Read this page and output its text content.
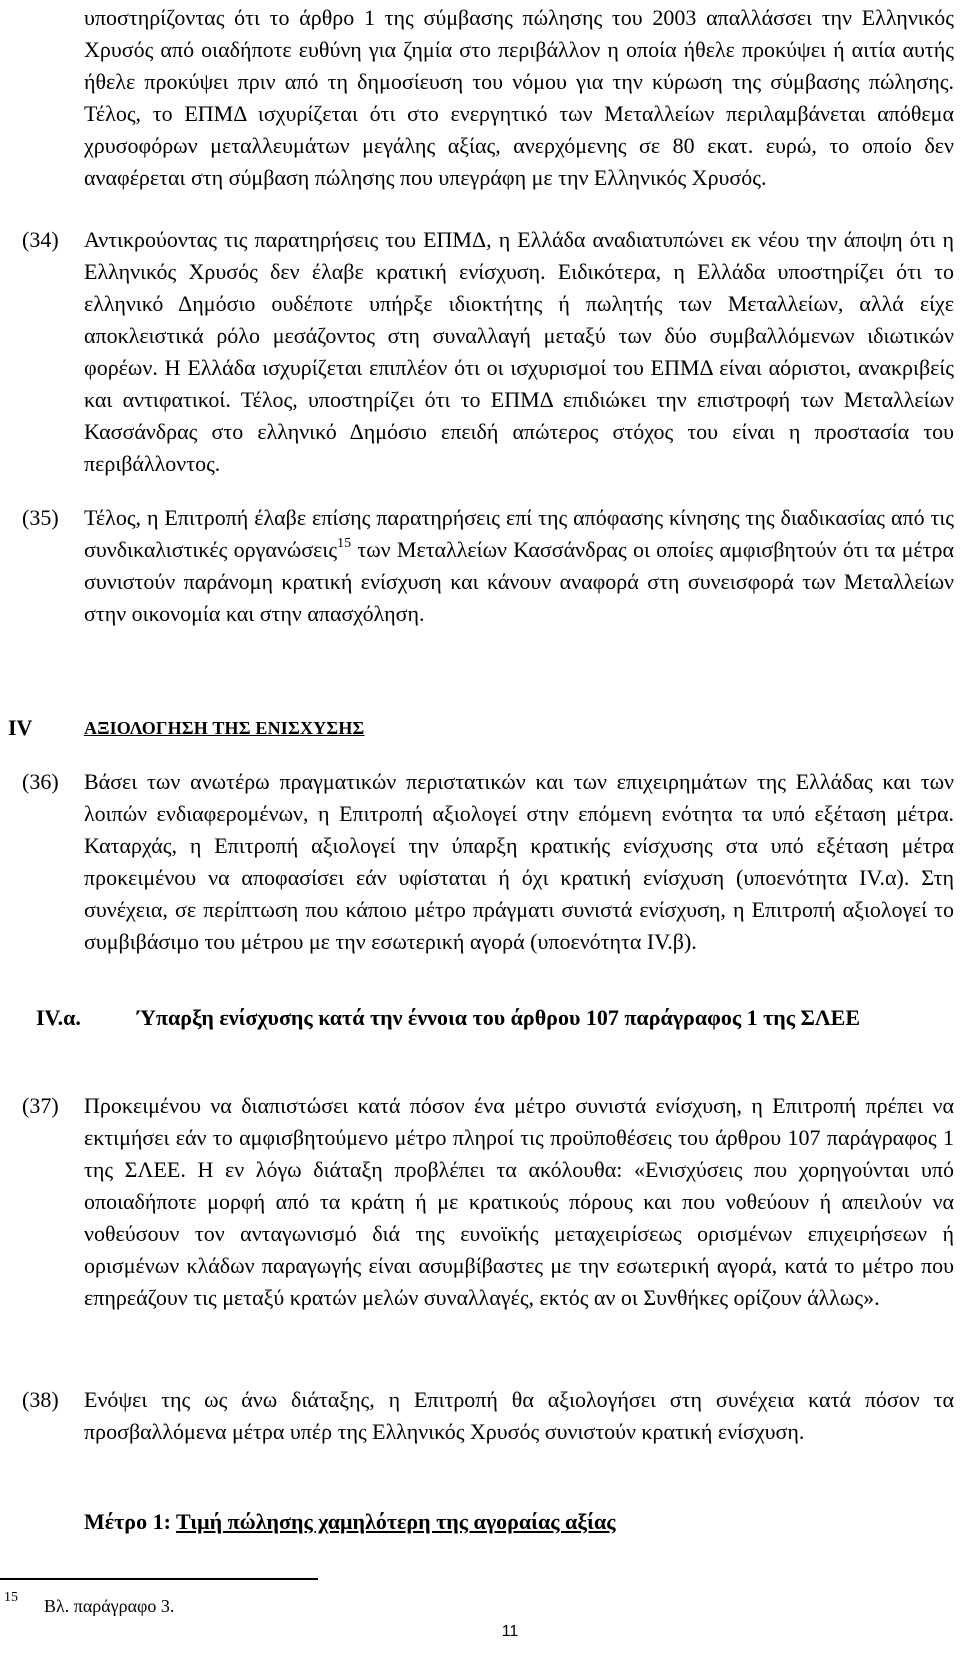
υποστηρίζοντας ότι το άρθρο 1 της σύμβασης πώλησης του 2003 απαλλάσσει την Ελληνικός Χρυσός από οιαδήποτε ευθύνη για ζημία στο περιβάλλον η οποία ήθελε προκύψει ή αιτία αυτής ήθελε προκύψει πριν από τη δημοσίευση του νόμου για την κύρωση της σύμβασης πώλησης. Τέλος, το ΕΠΜΔ ισχυρίζεται ότι στο ενεργητικό των Μεταλλείων περιλαμβάνεται απόθεμα χρυσοφόρων μεταλλευμάτων μεγάλης αξίας, ανερχόμενης σε 80 εκατ. ευρώ, το οποίο δεν αναφέρεται στη σύμβαση πώλησης που υπεγράφη με την Ελληνικός Χρυσός.

(34) Αντικρούοντας τις παρατηρήσεις του ΕΠΜΔ, η Ελλάδα αναδιατυπώνει εκ νέου την άποψη ότι η Ελληνικός Χρυσός δεν έλαβε κρατική ενίσχυση. Ειδικότερα, η Ελλάδα υποστηρίζει ότι το ελληνικό Δημόσιο ουδέποτε υπήρξε ιδιοκτήτης ή πωλητής των Μεταλλείων, αλλά είχε αποκλειστικά ρόλο μεσάζοντος στη συναλλαγή μεταξύ των δύο συμβαλλόμενων ιδιωτικών φορέων. Η Ελλάδα ισχυρίζεται επιπλέον ότι οι ισχυρισμοί του ΕΠΜΔ είναι αόριστοι, ανακριβείς και αντιφατικοί. Τέλος, υποστηρίζει ότι το ΕΠΜΔ επιδιώκει την επιστροφή των Μεταλλείων Κασσάνδρας στο ελληνικό Δημόσιο επειδή απώτερος στόχος του είναι η προστασία του περιβάλλοντος.

(35) Τέλος, η Επιτροπή έλαβε επίσης παρατηρήσεις επί της απόφασης κίνησης της διαδικασίας από τις συνδικαλιστικές οργανώσεις$^{15}$ των Μεταλλείων Κασσάνδρας οι οποίες αμφισβητούν ότι τα μέτρα συνιστούν παράνομη κρατική ενίσχυση και κάνουν αναφορά στη συνεισφορά των Μεταλλείων στην οικονομία και στην απασχόληση.

IV	ΑΞΙΟΛΟΓΗΣΗ ΤΗΣ ΕΝΙΣΧΥΣΗΣ
(36) Βάσει των ανωτέρω πραγματικών περιστατικών και των επιχειρημάτων της Ελλάδας και των λοιπών ενδιαφερομένων, η Επιτροπή αξιολογεί στην επόμενη ενότητα τα υπό εξέταση μέτρα. Καταρχάς, η Επιτροπή αξιολογεί την ύπαρξη κρατικής ενίσχυσης στα υπό εξέταση μέτρα προκειμένου να αποφασίσει εάν υφίσταται ή όχι κρατική ενίσχυση (υποενότητα IV.α). Στη συνέχεια, σε περίπτωση που κάποιο μέτρο πράγματι συνιστά ενίσχυση, η Επιτροπή αξιολογεί το συμβιβάσιμο του μέτρου με την εσωτερική αγορά (υποενότητα IV.β).

IV.α.	Ύπαρξη ενίσχυσης κατά την έννοια του άρθρου 107 παράγραφος 1 της ΣΛΕΕ
(37) Προκειμένου να διαπιστώσει κατά πόσον ένα μέτρο συνιστά ενίσχυση, η Επιτροπή πρέπει να εκτιμήσει εάν το αμφισβητούμενο μέτρο πληροί τις προϋποθέσεις του άρθρου 107 παράγραφος 1 της ΣΛΕΕ. Η εν λόγω διάταξη προβλέπει τα ακόλουθα: «Ενισχύσεις που χορηγούνται υπό οποιαδήποτε μορφή από τα κράτη ή με κρατικούς πόρους και που νοθεύουν ή απειλούν να νοθεύσουν τον ανταγωνισμό διά της ευνοϊκής μεταχειρίσεως ορισμένων επιχειρήσεων ή ορισμένων κλάδων παραγωγής είναι ασυμβίβαστες με την εσωτερική αγορά, κατά το μέτρο που επηρεάζουν τις μεταξύ κρατών μελών συναλλαγές, εκτός αν οι Συνθήκες ορίζουν άλλως».

(38) Ενόψει της ως άνω διάταξης, η Επιτροπή θα αξιολογήσει στη συνέχεια κατά πόσον τα προσβαλλόμενα μέτρα υπέρ της Ελληνικός Χρυσός συνιστούν κρατική ενίσχυση.

Μέτρο 1: Τιμή πώλησης χαμηλότερη της αγοραίας αξίας
15 Βλ. παράγραφο 3.
11
